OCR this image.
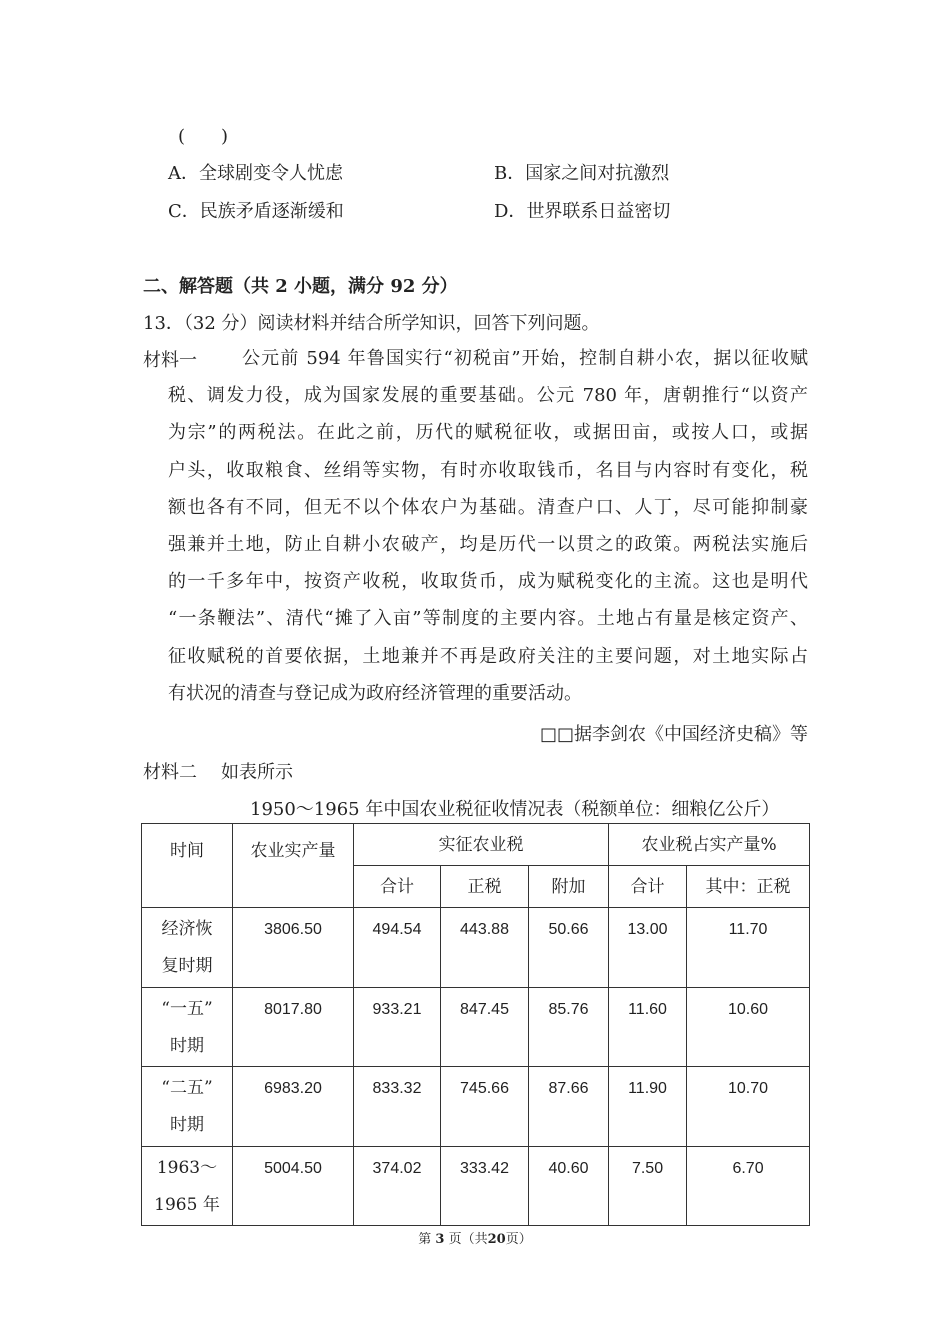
(　　)
A．全球剧变令人忧虑	B．国家之间对抗激烈
C．民族矛盾逐渐缓和	D．世界联系日益密切
二、解答题（共 2 小题，满分 92 分）
13．（32 分）阅读材料并结合所学知识，回答下列问题。
材料一	公元前 594 年鲁国实行“初税亩”开始，控制自耕小农，据以征收赋
税、调发力役，成为国家发展的重要基础。公元 780 年，唐朝推行“以资产
为宗”的两税法。在此之前，历代的赋税征收，或据田亩，或按人口，或据
户头，收取粮食、丝绢等实物，有时亦收取钱币，名目与内容时有变化，税
额也各有不同，但无不以个体农户为基础。清查户口、人丁，尽可能抑制豪
强兼并土地，防止自耕小农破产，均是历代一以贯之的政策。两税法实施后
的一千多年中，按资产收税，收取货币，成为赋税变化的主流。这也是明代
“一条鞭法”、清代“摊了入亩”等制度的主要内容。土地占有量是核定资产、
征收赋税的首要依据，土地兼并不再是政府关注的主要问题，对土地实际占
有状况的清查与登记成为政府经济管理的重要活动。
□□据李剑农《中国经济史稿》等
材料二 如表所示
1950～1965 年中国农业税征收情况表（税额单位：细粮亿公斤）
时间	农业实产量	实征农业税			农业税占实产量%	

		合计	正税	附加	合计	其中：正税

经济恢
复时期	3806.50	494.54	443.88	50.66	13.00	11.70

“一五”
时期	8017.80	933.21	847.45	85.76	11.60	10.60

“二五”
时期	6983.20	833.32	745.66	87.66	11.90	10.70

1963～
1965 年	5004.50	374.02	333.42	40.60	7.50	6.70
第 3 页（共20页）
